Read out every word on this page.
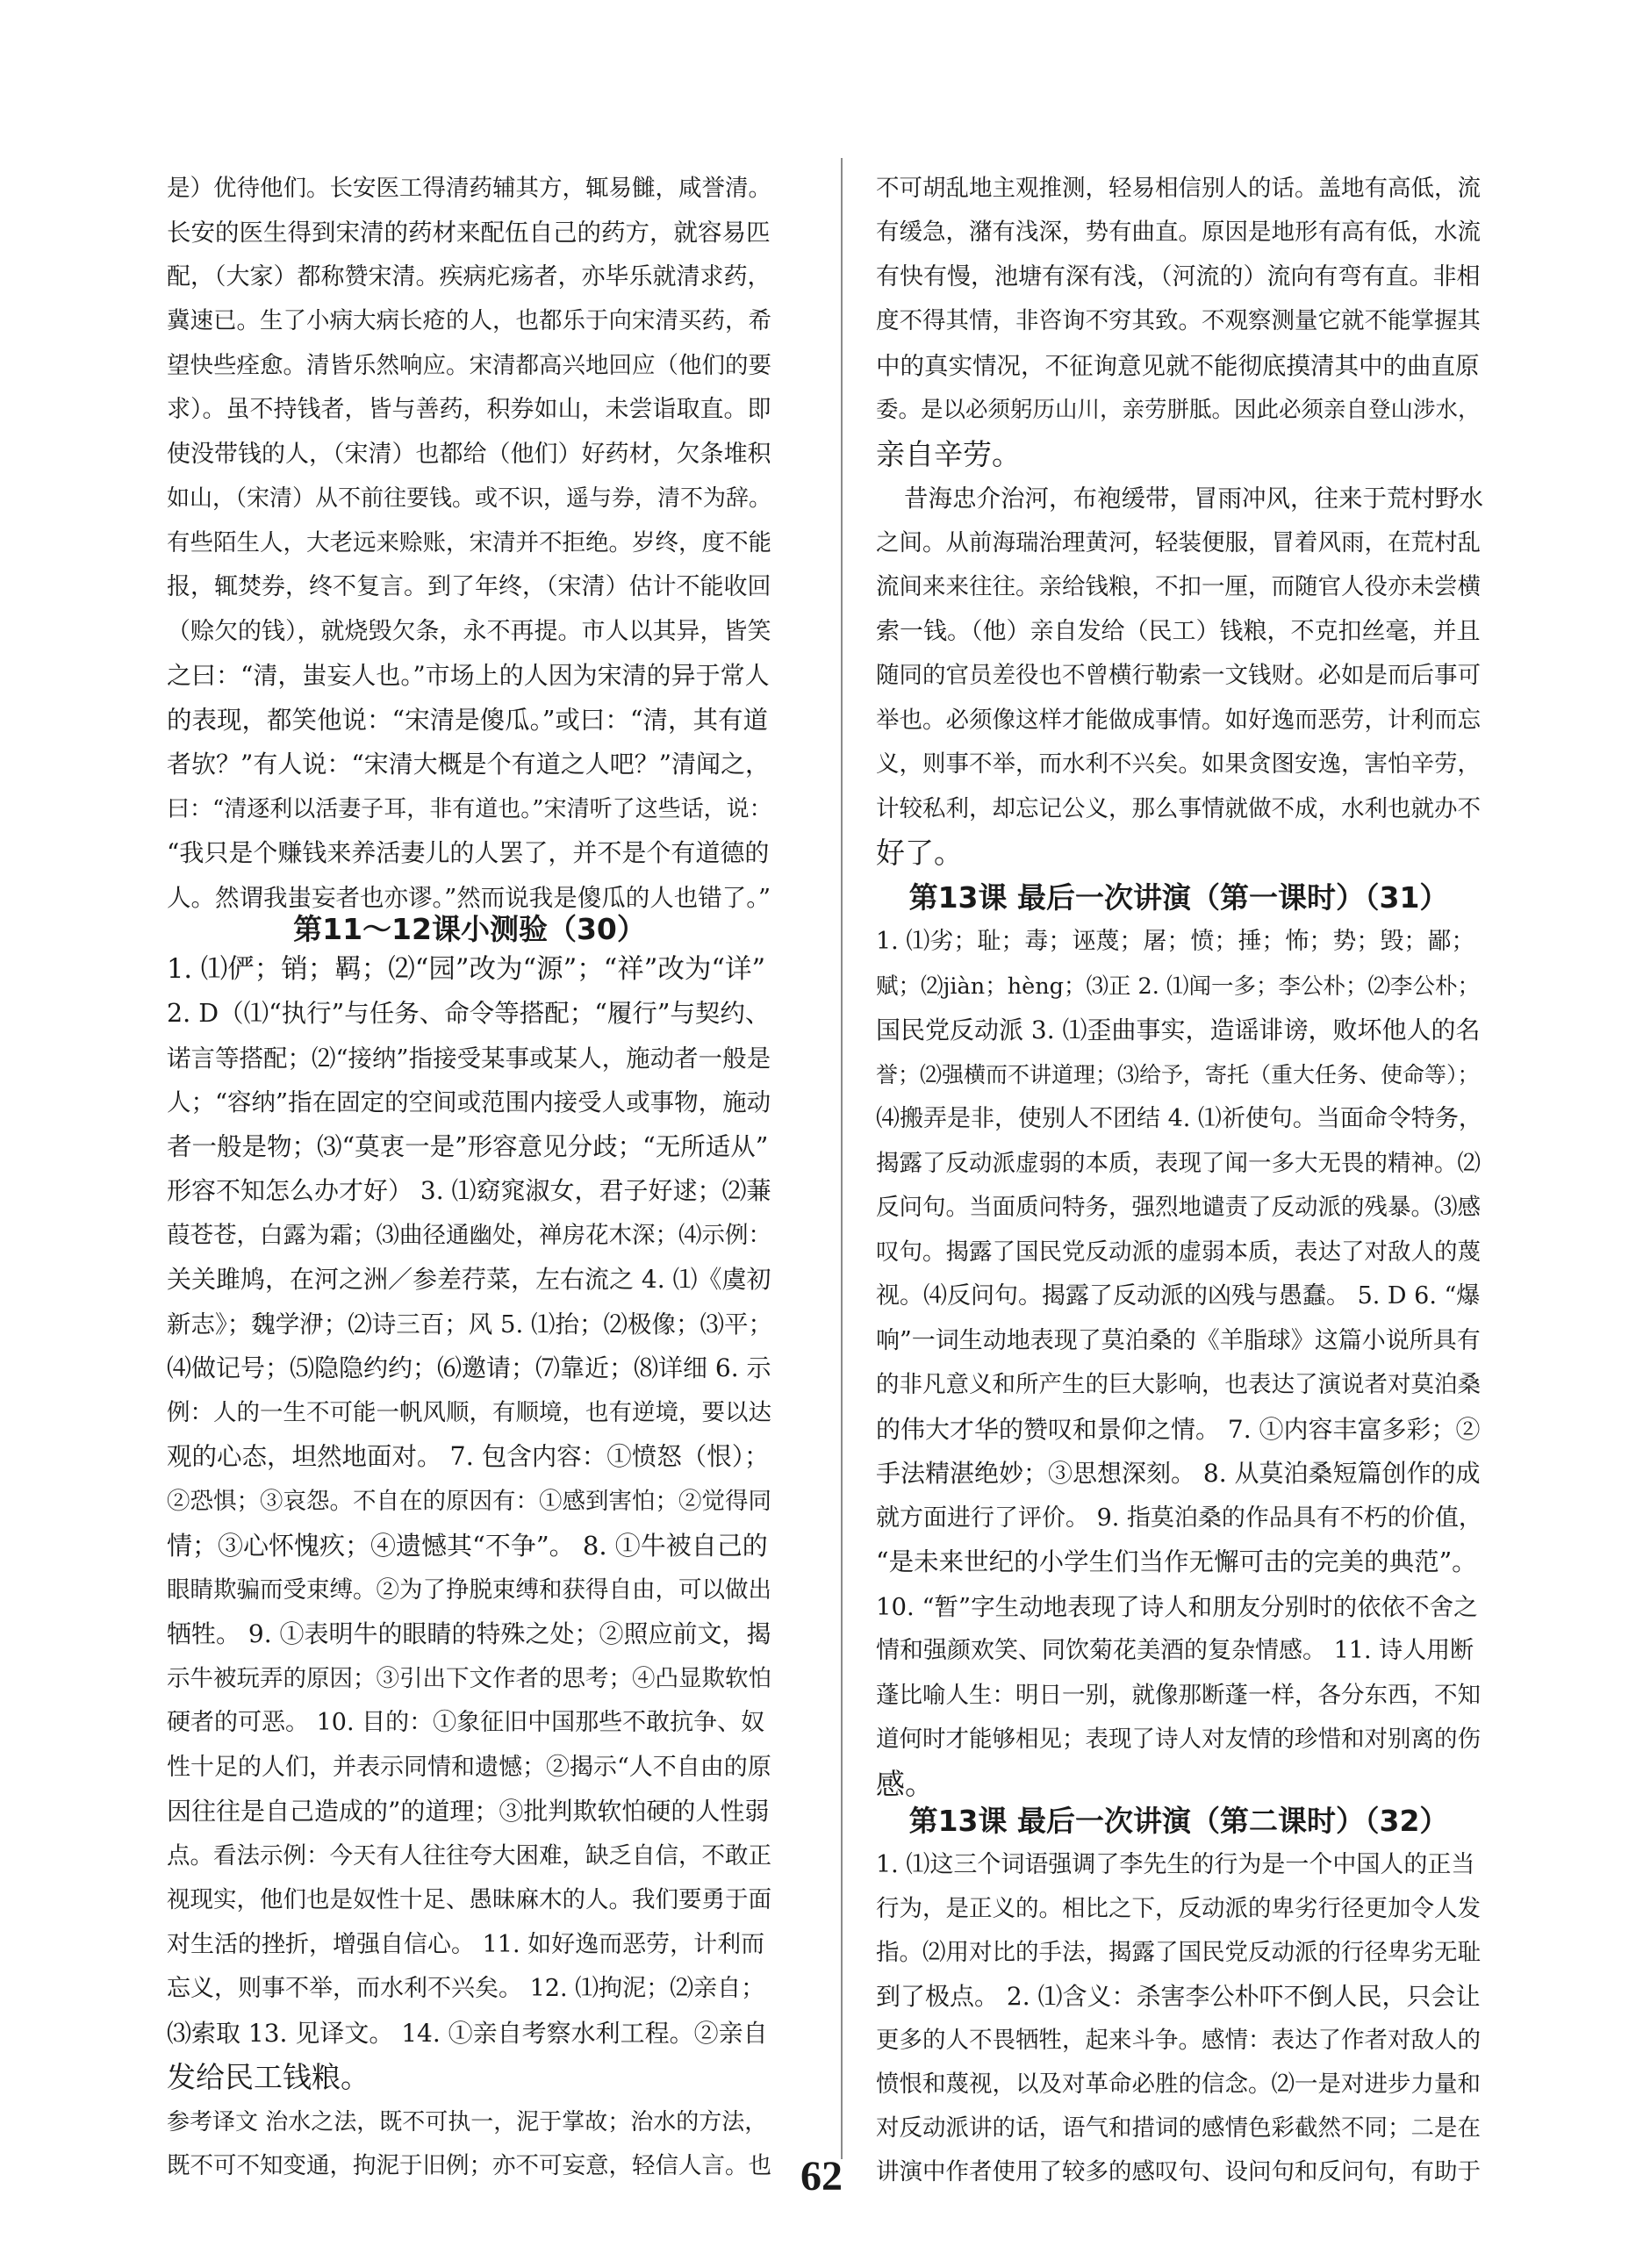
是）优待他们。长安医工得清药辅其方，辄易雠，咸誉清。
长安的医生得到宋清的药材来配伍自己的药方，就容易匹
配，（大家）都称赞宋清。疾病疕疡者，亦毕乐就清求药，
冀速已。生了小病大病长疮的人，也都乐于向宋清买药，希
望快些痊愈。清皆乐然响应。宋清都高兴地回应（他们的要
求）。虽不持钱者，皆与善药，积券如山，未尝诣取直。即
使没带钱的人，（宋清）也都给（他们）好药材，欠条堆积
如山，（宋清）从不前往要钱。或不识，遥与券，清不为辞。
有些陌生人，大老远来赊账，宋清并不拒绝。岁终，度不能
报，辄焚券，终不复言。到了年终，（宋清）估计不能收回
（赊欠的钱），就烧毁欠条，永不再提。市人以其异，皆笑
之曰：“清，蚩妄人也。”市场上的人因为宋清的异于常人
的表现，都笑他说：“宋清是傻瓜。”或曰：“清，其有道
者欤？”有人说：“宋清大概是个有道之人吧？”清闻之，
曰：“清逐利以活妻子耳，非有道也。”宋清听了这些话，说：
“我只是个赚钱来养活妻儿的人罢了，并不是个有道德的
人。然谓我蚩妄者也亦谬。”然而说我是傻瓜的人也错了。”
第11～12课小测验（30）
1. ⑴俨；销；羁；⑵“园”改为“源”；“祥”改为“详”
2. D（⑴“执行”与任务、命令等搭配；“履行”与契约、
诺言等搭配；⑵“接纳”指接受某事或某人，施动者一般是
人；“容纳”指在固定的空间或范围内接受人或事物，施动
者一般是物；⑶“莫衷一是”形容意见分歧；“无所适从”
形容不知怎么办才好） 3. ⑴窈窕淑女，君子好逑；⑵蒹
葭苍苍，白露为霜；⑶曲径通幽处，禅房花木深；⑷示例：
关关雎鸠，在河之洲／参差荇菜，左右流之 4. ⑴《虞初
新志》；魏学洢；⑵诗三百；风 5. ⑴抬；⑵极像；⑶平；
⑷做记号；⑸隐隐约约；⑹邀请；⑺靠近；⑻详细 6. 示
例：人的一生不可能一帆风顺，有顺境，也有逆境，要以达
观的心态，坦然地面对。 7. 包含内容：①愤怒（恨）；
②恐惧；③哀怨。不自在的原因有：①感到害怕；②觉得同
情；③心怀愧疚；④遗憾其“不争”。 8. ①牛被自己的
眼睛欺骗而受束缚。②为了挣脱束缚和获得自由，可以做出
牺牲。 9. ①表明牛的眼睛的特殊之处；②照应前文，揭
示牛被玩弄的原因；③引出下文作者的思考；④凸显欺软怕
硬者的可恶。 10. 目的：①象征旧中国那些不敢抗争、奴
性十足的人们，并表示同情和遗憾；②揭示“人不自由的原
因往往是自己造成的”的道理；③批判欺软怕硬的人性弱
点。看法示例：今天有人往往夸大困难，缺乏自信，不敢正
视现实，他们也是奴性十足、愚昧麻木的人。我们要勇于面
对生活的挫折，增强自信心。 11. 如好逸而恶劳，计利而
忘义，则事不举，而水利不兴矣。 12. ⑴拘泥；⑵亲自；
⑶索取 13. 见译文。 14. ①亲自考察水利工程。②亲自
发给民工钱粮。
参考译文 治水之法，既不可执一，泥于掌故；治水的方法，
既不可不知变通，拘泥于旧例；亦不可妄意，轻信人言。也
不可胡乱地主观推测，轻易相信别人的话。盖地有高低，流
有缓急，潴有浅深，势有曲直。原因是地形有高有低，水流
有快有慢，池塘有深有浅，（河流的）流向有弯有直。非相
度不得其情，非咨询不穷其致。不观察测量它就不能掌握其
中的真实情况，不征询意见就不能彻底摸清其中的曲直原
委。是以必须躬历山川，亲劳胼胝。因此必须亲自登山涉水，
亲自辛劳。
昔海忠介治河，布袍缓带，冒雨冲风，往来于荒村野水
之间。从前海瑞治理黄河，轻装便服，冒着风雨，在荒村乱
流间来来往往。亲给钱粮，不扣一厘，而随官人役亦未尝横
索一钱。（他）亲自发给（民工）钱粮，不克扣丝毫，并且
随同的官员差役也不曾横行勒索一文钱财。必如是而后事可
举也。必须像这样才能做成事情。如好逸而恶劳，计利而忘
义，则事不举，而水利不兴矣。如果贪图安逸，害怕辛劳，
计较私利，却忘记公义，那么事情就做不成，水利也就办不
好了。
第13课 最后一次讲演（第一课时）（31）
1. ⑴劣；耻；毒；诬蔑；屠；愤；捶；怖；势；毁；鄙；
赋；⑵jiàn；hèng；⑶正 2. ⑴闻一多；李公朴；⑵李公朴；
国民党反动派 3. ⑴歪曲事实，造谣诽谤，败坏他人的名
誉；⑵强横而不讲道理；⑶给予，寄托（重大任务、使命等）；
⑷搬弄是非，使别人不团结 4. ⑴祈使句。当面命令特务，
揭露了反动派虚弱的本质，表现了闻一多大无畏的精神。⑵
反问句。当面质问特务，强烈地谴责了反动派的残暴。⑶感
叹句。揭露了国民党反动派的虚弱本质，表达了对敌人的蔑
视。⑷反问句。揭露了反动派的凶残与愚蠢。 5. D 6. “爆
响”一词生动地表现了莫泊桑的《羊脂球》这篇小说所具有
的非凡意义和所产生的巨大影响，也表达了演说者对莫泊桑
的伟大才华的赞叹和景仰之情。 7. ①内容丰富多彩；②
手法精湛绝妙；③思想深刻。 8. 从莫泊桑短篇创作的成
就方面进行了评价。 9. 指莫泊桑的作品具有不朽的价值，
“是未来世纪的小学生们当作无懈可击的完美的典范”。
10. “暂”字生动地表现了诗人和朋友分别时的依依不舍之
情和强颜欢笑、同饮菊花美酒的复杂情感。 11. 诗人用断
蓬比喻人生：明日一别，就像那断蓬一样，各分东西，不知
道何时才能够相见；表现了诗人对友情的珍惜和对别离的伤
感。
第13课 最后一次讲演（第二课时）（32）
1. ⑴这三个词语强调了李先生的行为是一个中国人的正当
行为，是正义的。相比之下，反动派的卑劣行径更加令人发
指。⑵用对比的手法，揭露了国民党反动派的行径卑劣无耻
到了极点。 2. ⑴含义：杀害李公朴吓不倒人民，只会让
更多的人不畏牺牲，起来斗争。感情：表达了作者对敌人的
愤恨和蔑视，以及对革命必胜的信念。⑵一是对进步力量和
对反动派讲的话，语气和措词的感情色彩截然不同；二是在
讲演中作者使用了较多的感叹句、设问句和反问句，有助于
62
